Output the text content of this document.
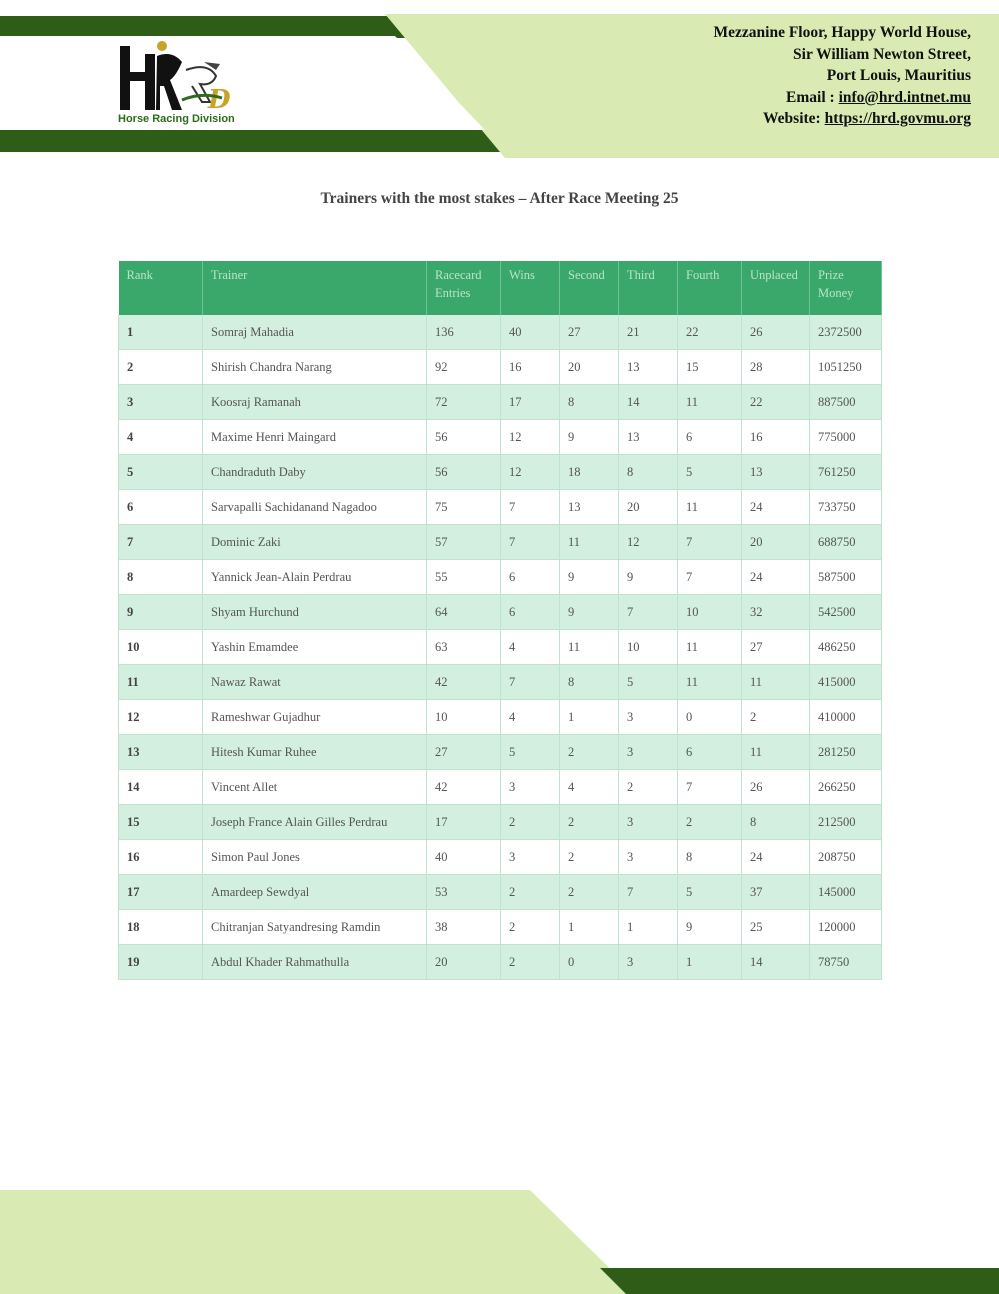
D
Horse Racing Division
Mezzanine Floor, Happy World House,
Sir William Newton Street,
Port Louis, Mauritius
Email : info@hrd.intnet.mu
Website: https://hrd.govmu.org
Trainers with the most stakes – After Race Meeting 25
Rank	Trainer	Racecard Entries	Wins	Second	Third	Fourth	Unplaced	Prize Money
1	Somraj Mahadia	136	40	27	21	22	26	2372500
2	Shirish Chandra Narang	92	16	20	13	15	28	1051250
3	Koosraj Ramanah	72	17	8	14	11	22	887500
4	Maxime Henri Maingard	56	12	9	13	6	16	775000
5	Chandraduth Daby	56	12	18	8	5	13	761250
6	Sarvapalli Sachidanand Nagadoo	75	7	13	20	11	24	733750
7	Dominic Zaki	57	7	11	12	7	20	688750
8	Yannick Jean-Alain Perdrau	55	6	9	9	7	24	587500
9	Shyam Hurchund	64	6	9	7	10	32	542500
10	Yashin Emamdee	63	4	11	10	11	27	486250
11	Nawaz Rawat	42	7	8	5	11	11	415000
12	Rameshwar Gujadhur	10	4	1	3	0	2	410000
13	Hitesh Kumar Ruhee	27	5	2	3	6	11	281250
14	Vincent Allet	42	3	4	2	7	26	266250
15	Joseph France Alain Gilles Perdrau	17	2	2	3	2	8	212500
16	Simon Paul Jones	40	3	2	3	8	24	208750
17	Amardeep Sewdyal	53	2	2	7	5	37	145000
18	Chitranjan Satyandresing Ramdin	38	2	1	1	9	25	120000
19	Abdul Khader Rahmathulla	20	2	0	3	1	14	78750
